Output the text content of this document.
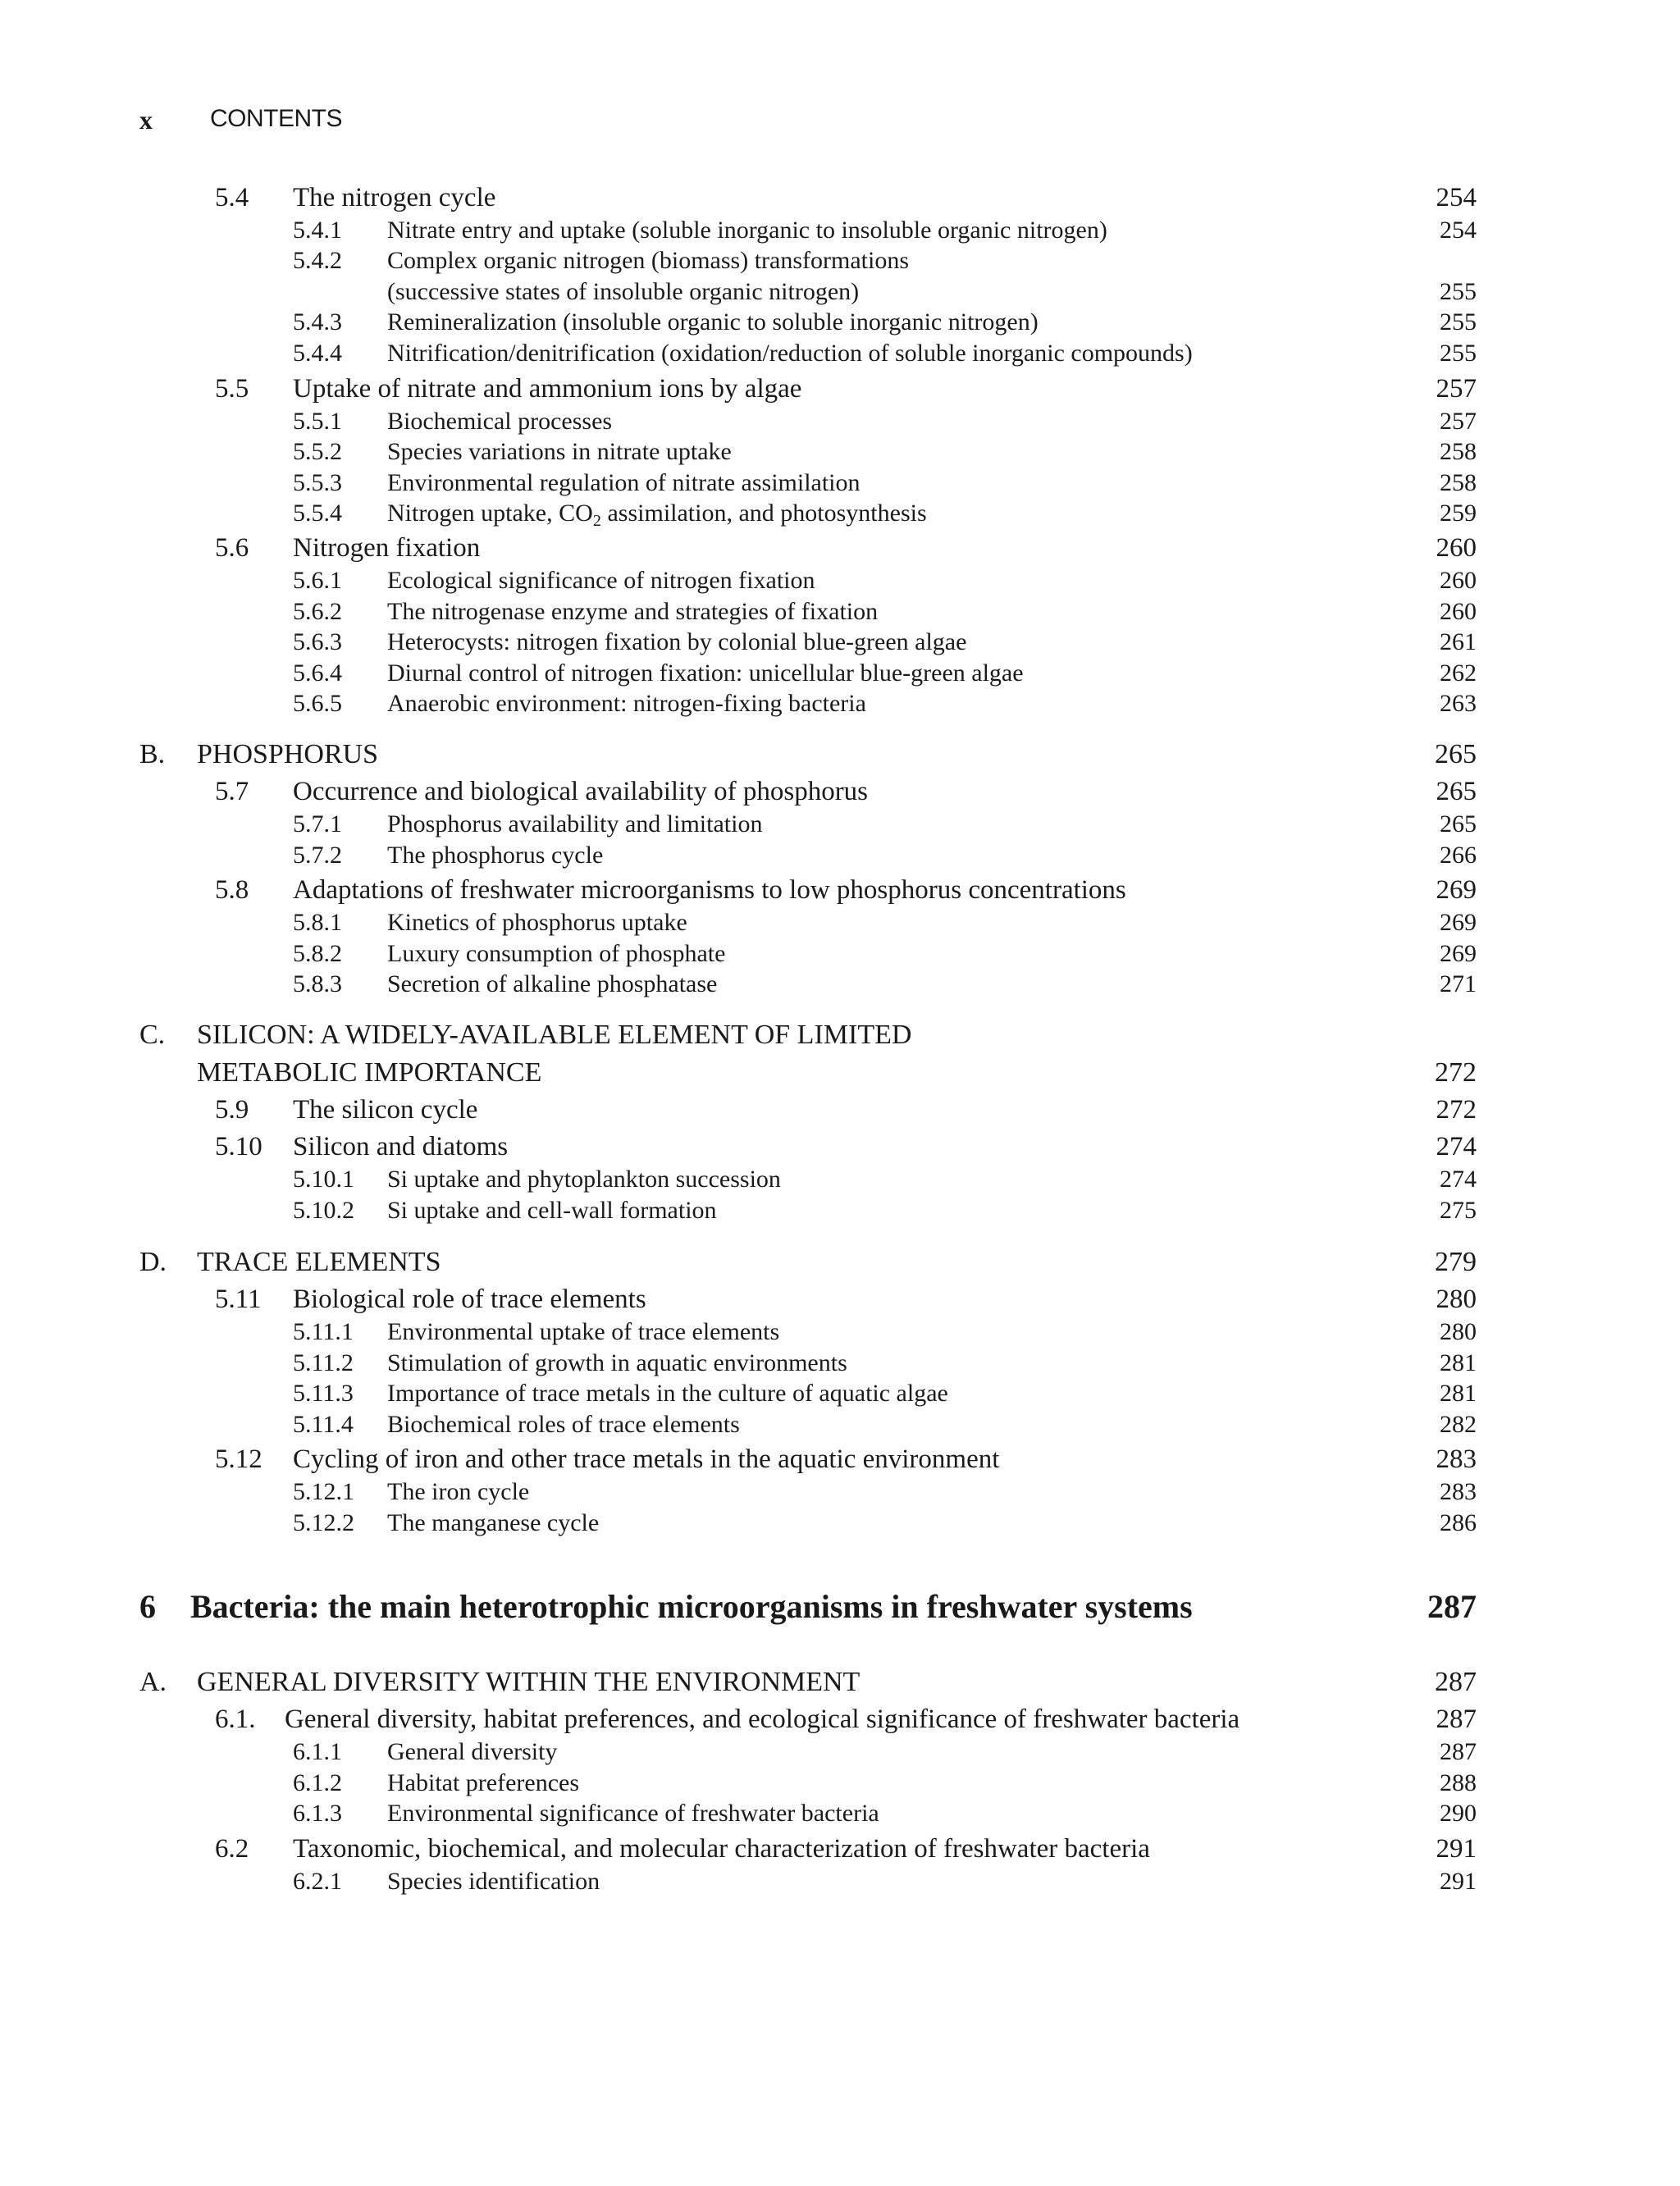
x CONTENTS
5.4 The nitrogen cycle	254
5.4.1 Nitrate entry and uptake (soluble inorganic to insoluble organic nitrogen)	254
5.4.2 Complex organic nitrogen (biomass) transformations
(successive states of insoluble organic nitrogen)	255
5.4.3 Remineralization (insoluble organic to soluble inorganic nitrogen)	255
5.4.4 Nitrification/denitrification (oxidation/reduction of soluble inorganic compounds)	255
5.5 Uptake of nitrate and ammonium ions by algae	257
5.5.1 Biochemical processes	257
5.5.2 Species variations in nitrate uptake	258
5.5.3 Environmental regulation of nitrate assimilation	258
5.5.4 Nitrogen uptake, $CO_2$ assimilation, and photosynthesis	259
5.6 Nitrogen fixation	260
5.6.1 Ecological significance of nitrogen fixation	260
5.6.2 The nitrogenase enzyme and strategies of fixation	260
5.6.3 Heterocysts: nitrogen fixation by colonial blue-green algae	261
5.6.4 Diurnal control of nitrogen fixation: unicellular blue-green algae	262
5.6.5 Anaerobic environment: nitrogen-fixing bacteria	263
B. PHOSPHORUS	265
5.7 Occurrence and biological availability of phosphorus	265
5.7.1 Phosphorus availability and limitation	265
5.7.2 The phosphorus cycle	266
5.8 Adaptations of freshwater microorganisms to low phosphorus concentrations	269
5.8.1 Kinetics of phosphorus uptake	269
5.8.2 Luxury consumption of phosphate	269
5.8.3 Secretion of alkaline phosphatase	271
C. SILICON: A WIDELY-AVAILABLE ELEMENT OF LIMITED
METABOLIC IMPORTANCE	272
5.9 The silicon cycle	272
5.10 Silicon and diatoms	274
5.10.1 Si uptake and phytoplankton succession	274
5.10.2 Si uptake and cell-wall formation	275
D. TRACE ELEMENTS	279
5.11 Biological role of trace elements	280
5.11.1 Environmental uptake of trace elements	280
5.11.2 Stimulation of growth in aquatic environments	281
5.11.3 Importance of trace metals in the culture of aquatic algae	281
5.11.4 Biochemical roles of trace elements	282
5.12 Cycling of iron and other trace metals in the aquatic environment	283
5.12.1 The iron cycle	283
5.12.2 The manganese cycle	286
6 Bacteria: the main heterotrophic microorganisms in freshwater systems	287
A. GENERAL DIVERSITY WITHIN THE ENVIRONMENT	287
6.1. General diversity, habitat preferences, and ecological significance of freshwater bacteria	287
6.1.1 General diversity	287
6.1.2 Habitat preferences	288
6.1.3 Environmental significance of freshwater bacteria	290
6.2 Taxonomic, biochemical, and molecular characterization of freshwater bacteria	291
6.2.1 Species identification	291
